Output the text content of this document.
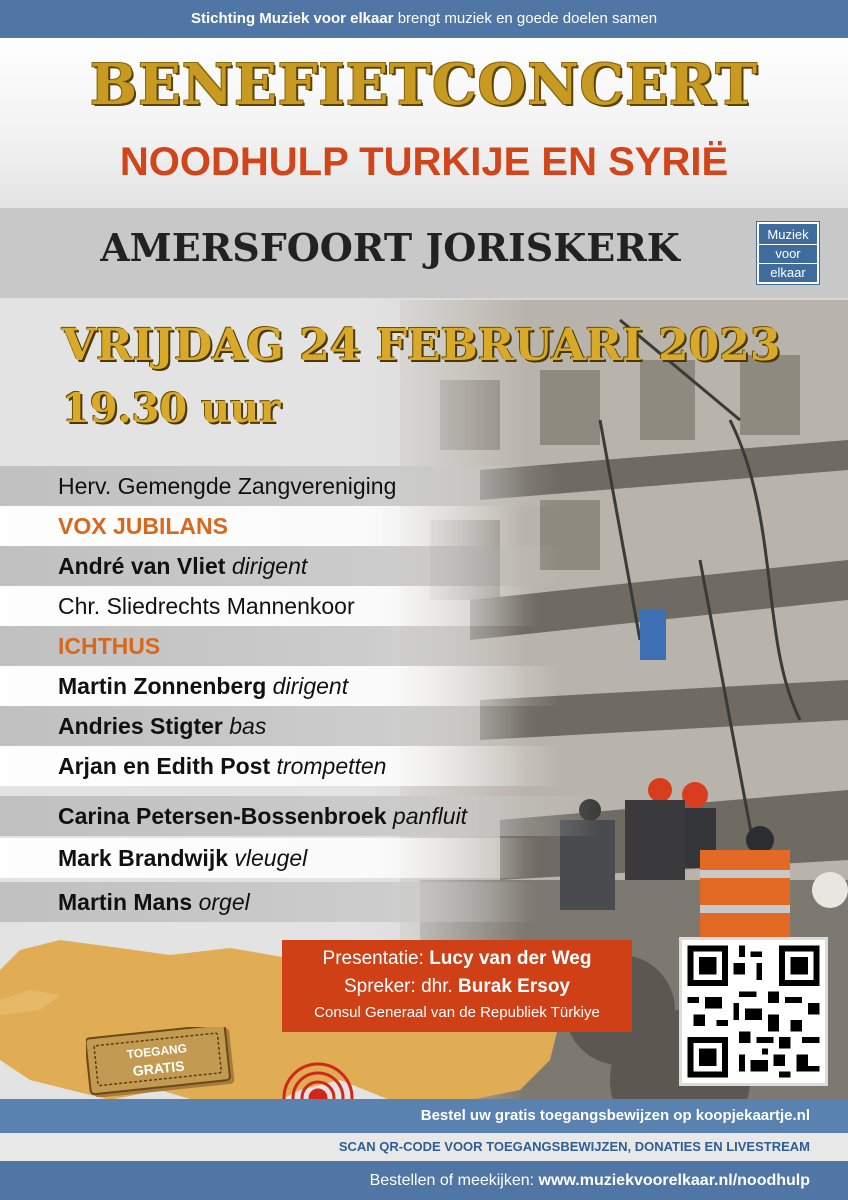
Stichting Muziek voor elkaar brengt muziek en goede doelen samen
BENEFIETCONCERT
NOODHULP TURKIJE EN SYRIË
AMERSFOORT JORISKERK	Muziek
voor
elkaar
VRIJDAG 24 FEBRUARI 2023
19.30 uur
Herv. Gemengde Zangvereniging
VOX JUBILANS
André van Vliet dirigent
Chr. Sliedrechts Mannenkoor
ICHTHUS
Martin Zonnenberg dirigent
Andries Stigter bas
Arjan en Edith Post trompetten
Carina Petersen-Bossenbroek panfluit
Mark Brandwijk vleugel
Martin Mans orgel
TOEGANG
GRATIS
Presentatie: Lucy van der Weg
Spreker: dhr. Burak Ersoy
Consul Generaal van de Republiek Türkiye
Bestel uw gratis toegangsbewijzen op koopjekaartje.nl
SCAN QR-CODE VOOR TOEGANGSBEWIJZEN, DONATIES EN LIVESTREAM
Bestellen of meekijken: www.muziekvoorelkaar.nl/noodhulp
